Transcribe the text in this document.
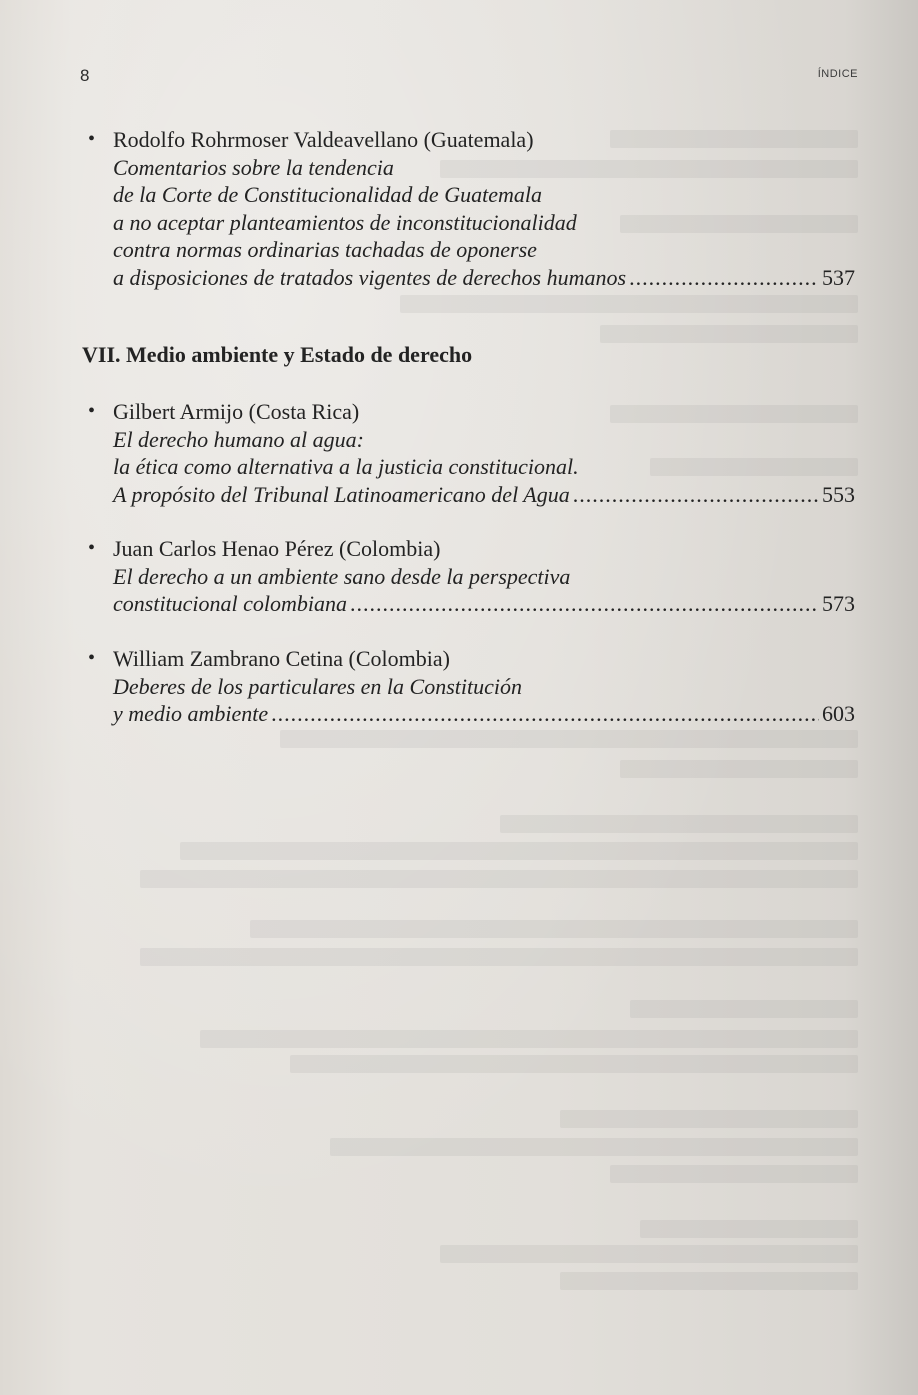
8	ÍNDICE
• Rodolfo Rohrmoser Valdeavellano (Guatemala)
Comentarios sobre la tendencia
de la Corte de Constitucionalidad de Guatemala
a no aceptar planteamientos de inconstitucionalidad
contra normas ordinarias tachadas de oponerse
a disposiciones de tratados vigentes de derechos humanos .....	537
VII. Medio ambiente y Estado de derecho
• Gilbert Armijo (Costa Rica)
El derecho humano al agua:
la ética como alternativa a la justicia constitucional.
A propósito del Tribunal Latinoamericano del Agua .....	553
• Juan Carlos Henao Pérez (Colombia)
El derecho a un ambiente sano desde la perspectiva
constitucional colombiana .....	573
• William Zambrano Cetina (Colombia)
Deberes de los particulares en la Constitución
y medio ambiente .....	603
